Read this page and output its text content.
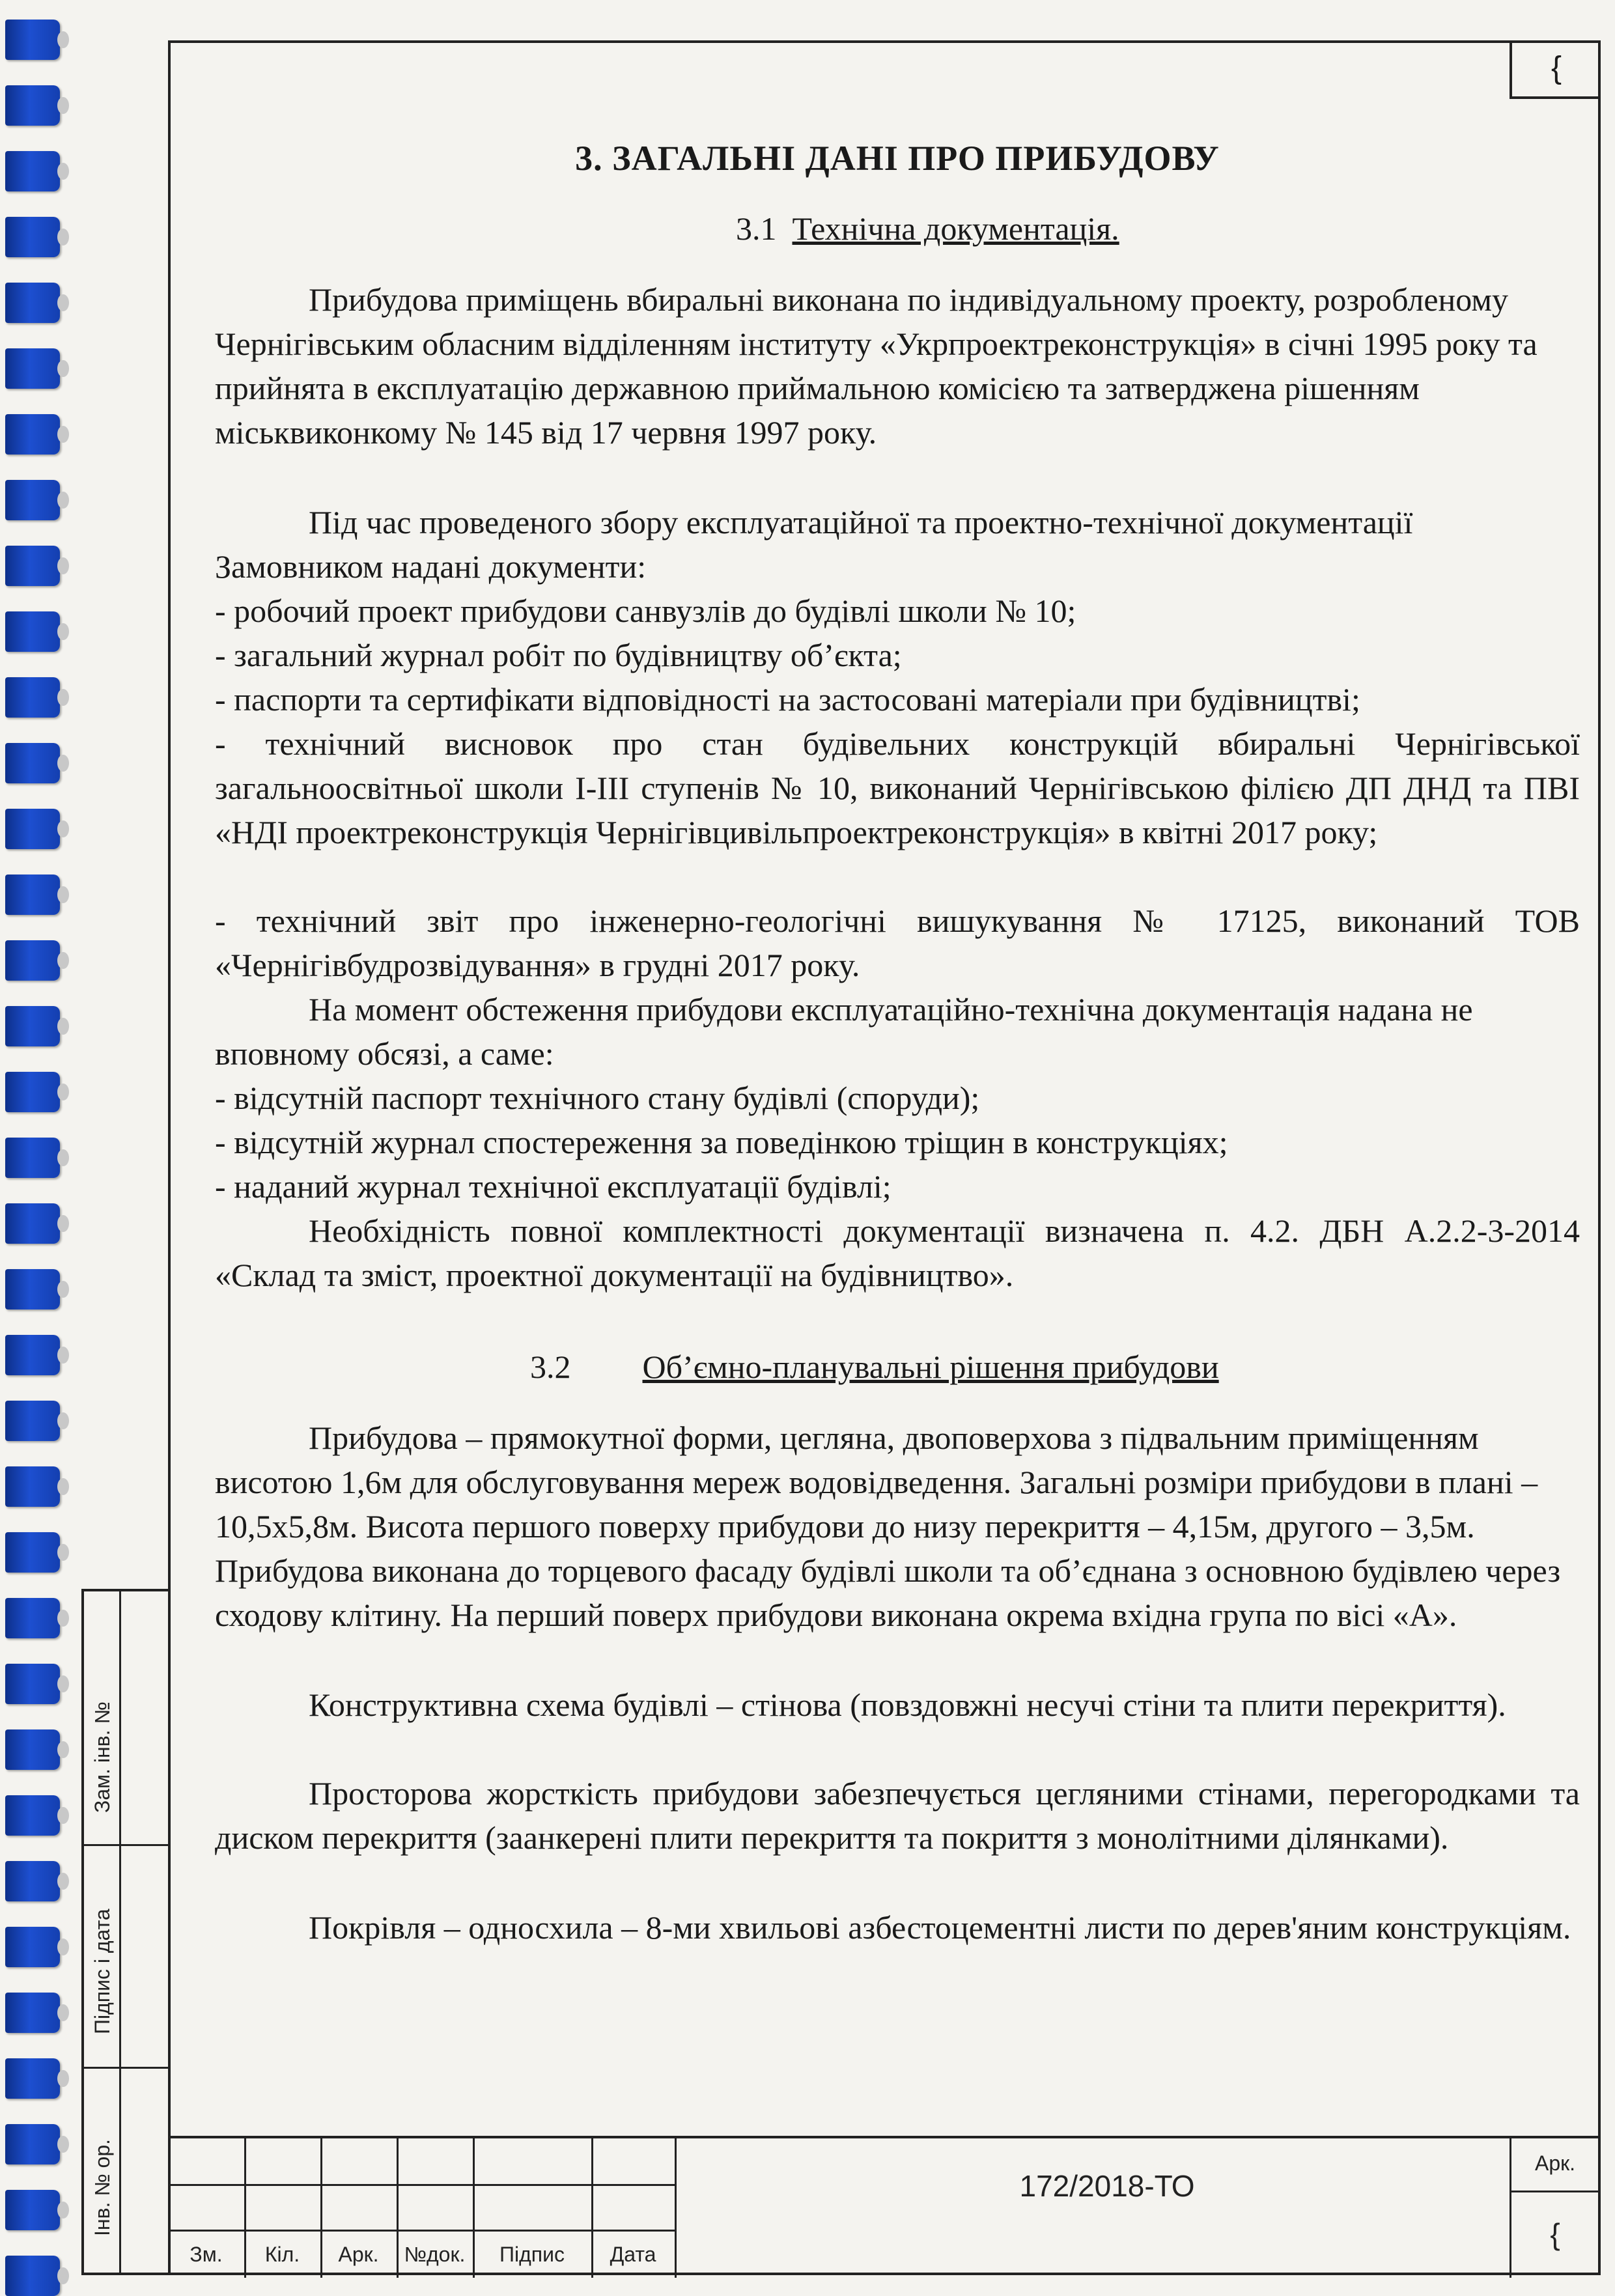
{
3. ЗАГАЛЬНІ ДАНІ ПРО ПРИБУДОВУ
3.1 Технічна документація.

Прибудова приміщень вбиральні виконана по індивідуальному проекту, розробленому Чернігівським обласним відділенням інституту «Укрпроектреконструкція» в січні 1995 року та прийнята в експлуатацію державною приймальною комісією та затверджена рішенням міськвиконкому № 145 від 17 червня 1997 року.

Під час проведеного збору експлуатаційної та проектно-технічної документації Замовником надані документи:

- робочий проект прибудови санвузлів до будівлі школи № 10;

- загальний журнал робіт по будівництву об’єкта;

- паспорти та сертифікати відповідності на застосовані матеріали при будівництві;

- технічний висновок про стан будівельних конструкцій вбиральні Чернігівської загальноосвітньої школи І-ІІІ ступенів № 10, виконаний Чернігівською філією ДП ДНД та ПВІ «НДІ проектреконструкція Чернігівцивільпроектреконструкція» в квітні 2017 року;

- технічний звіт про інженерно-геологічні вишукування № 17125, виконаний ТОВ «Чернігівбудрозвідування» в грудні 2017 року.

На момент обстеження прибудови експлуатаційно-технічна документація надана не вповному обсязі, а саме:

- відсутній паспорт технічного стану будівлі (споруди);

- відсутній журнал спостереження за поведінкою тріщин в конструкціях;

- наданий журнал технічної експлуатації будівлі;

Необхідність повної комплектності документації визначена п. 4.2. ДБН А.2.2-3-2014 «Склад та зміст, проектної документації на будівництво».

3.2 Об’ємно-планувальні рішення прибудови

Прибудова – прямокутної форми, цегляна, двоповерхова з підвальним приміщенням висотою 1,6м для обслуговування мереж водовідведення. Загальні розміри прибудови в плані – 10,5х5,8м. Висота першого поверху прибудови до низу перекриття – 4,15м, другого – 3,5м. Прибудова виконана до торцевого фасаду будівлі школи та об’єднана з основною будівлею через сходову клітину. На перший поверх прибудови виконана окрема вхідна група по вісі «А».

Конструктивна схема будівлі – стінова (повздовжні несучі стіни та плити перекриття).

Просторова жорсткість прибудови забезпечується цегляними стінами, перегородками та диском перекриття (заанкерені плити перекриття та покриття з монолітними ділянками).

Покрівля – односхила – 8-ми хвильові азбестоцементні листи по дерев'яним конструкціям.

Зам. інв. №
Підпис і дата
Інв. № ор.
Зм.	Кіл.	Арк.	№док.	Підпис	Дата
Арк.
{
172/2018-ТО
